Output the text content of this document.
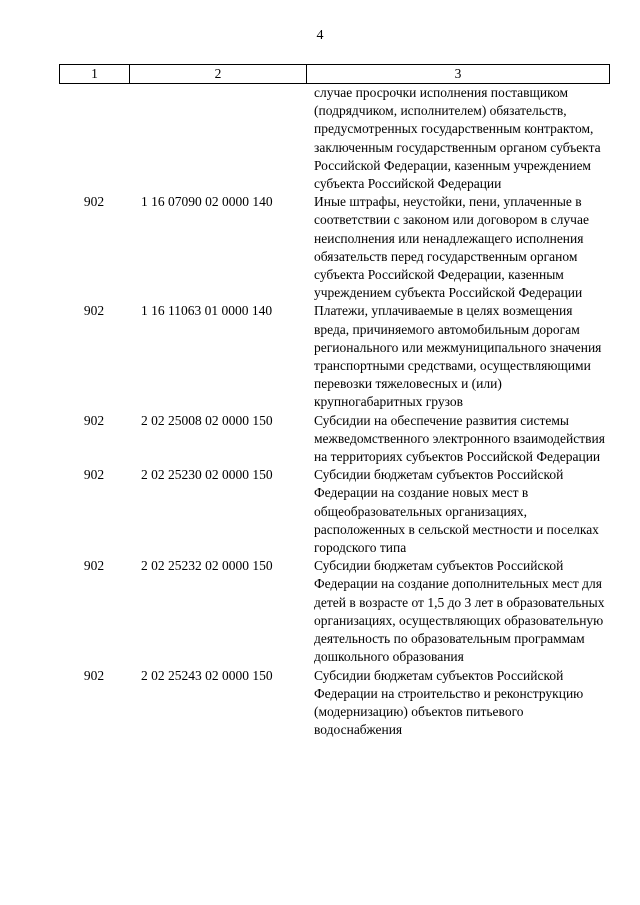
4
1	2	3
случае просрочки исполнения поставщиком (подрядчиком, исполнителем) обязательств, предусмотренных государственным контрактом, заключенным государственным органом субъекта Российской Федерации, казенным учреждением субъекта Российской Федерации
902	1 16 07090 02 0000 140	Иные штрафы, неустойки, пени, уплаченные в соответствии с законом или договором в случае неисполнения или ненадлежащего исполнения обязательств перед государственным органом субъекта Российской Федерации, казенным учреждением субъекта Российской Федерации
902	1 16 11063 01 0000 140	Платежи, уплачиваемые в целях возмещения вреда, причиняемого автомобильным дорогам регионального или межмуниципального значения транспортными средствами, осуществляющими перевозки тяжеловесных и (или) крупногабаритных грузов
902	2 02 25008 02 0000 150	Субсидии на обеспечение развития системы межведомственного электронного взаимодействия на территориях субъектов Российской Федерации
902	2 02 25230 02 0000 150	Субсидии бюджетам субъектов Российской Федерации на создание новых мест в общеобразовательных организациях, расположенных в сельской местности и поселках городского типа
902	2 02 25232 02 0000 150	Субсидии бюджетам субъектов Российской Федерации на создание дополнительных мест для детей в возрасте от 1,5 до 3 лет в образовательных организациях, осуществляющих образовательную деятельность по образовательным программам дошкольного образования
902	2 02 25243 02 0000 150	Субсидии бюджетам субъектов Российской Федерации на строительство и реконструкцию (модернизацию) объектов питьевого водоснабжения
